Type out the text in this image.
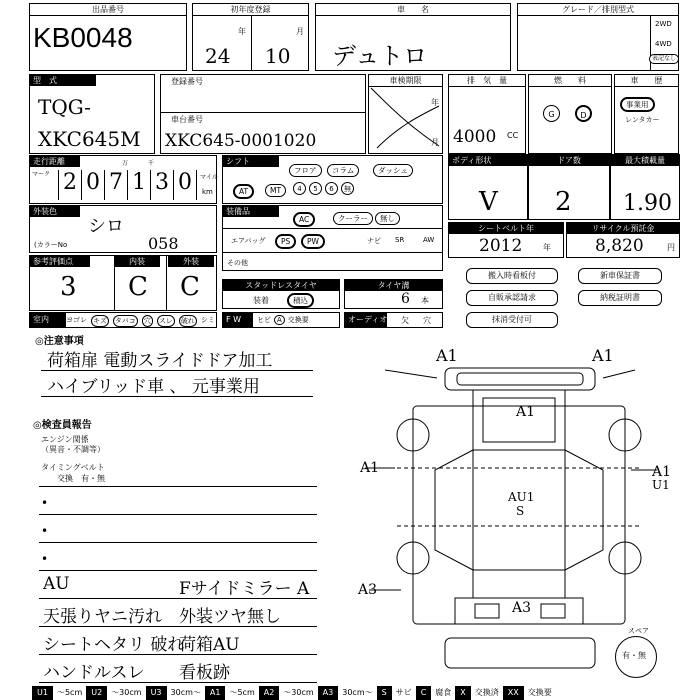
出品番号
KB0048
初年度登録
年	月
24 10
車　　名
デュトロ
グレード／排別型式
2WD
4WD
表記なし
型　式
TQG-
XKC645M
登録番号
車台番号
XKC645-0001020
車検期限
年
月
排　気　量
4000 CC
燃　　料
G	D
車　　歴
事業用
レンタカー
走行距離
マーク
万	千
マイル
km
2 0 7 1 3 0
シフト
フロア	コラム	ダッシュ
AT	MT	4	5	6	無
ボディ形状
V
ドア数
2
最大積載量
1.90
外装色
シロ
(カラーNo	058
装備品
AC	クーラー	無し
エアバッグ	PS	PW	ナビ SR	AW
その他
シートベルト年
2012	年
リサイクル預託金
8,820	円
参考評価点	内装	外装
3 C C	スタッドレスタイヤ
装着	積込
タイヤ溝
6 本
搬入時看板付	新車保証書
自販承認請求	納税証明書
抹消受付可
室内	ヨゴレ キズ タバコ 穴 スレ 破れ シミ	F W	ヒビ A 交換要	オーディオ 欠 穴
◎注意事項
荷箱扉 電動スライドドア加工
ハイブリッド車 、 元事業用
◎検査員報告
エンジン関係
（異音・不調等）
タイミングベルト
交換　有・無
•
•
•
AU	Fサイドミラー A
天張りヤニ汚れ 外装ツヤ無し
シートヘタリ 破れ
荷箱AU
ハンドルスレ 看板跡
A1	A1
A1
A1	A1
U1
AU1
S
A3
A3
スペア
有・無
U1	～5cm	U2	～30cm	U3	30cm～	A1	～5cm	A2	～30cm	A3	30cm～	S	サビ	C	腐食	X	交換済	XX	交換要
